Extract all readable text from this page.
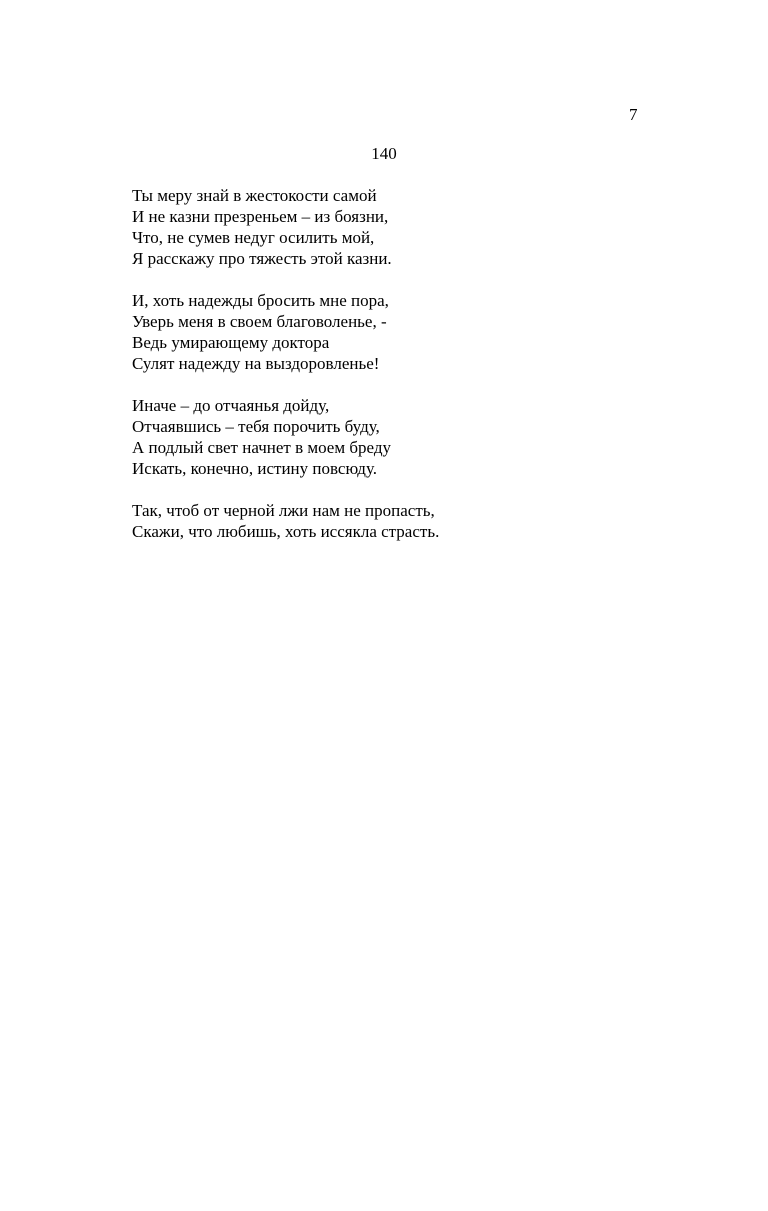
7
140
Ты меру знай в жестокости самой
И не казни презреньем – из боязни,
Что, не сумев недуг осилить мой,
Я расскажу про тяжесть этой казни.
И, хоть надежды бросить мне пора,
Уверь меня в своем благоволенье, -
Ведь умирающему доктора
Сулят надежду на выздоровленье!
Иначе – до отчаянья дойду,
Отчаявшись – тебя порочить буду,
А подлый свет начнет в моем бреду
Искать, конечно, истину повсюду.
Так, чтоб от черной лжи нам не пропасть,
Скажи, что любишь, хоть иссякла страсть.
